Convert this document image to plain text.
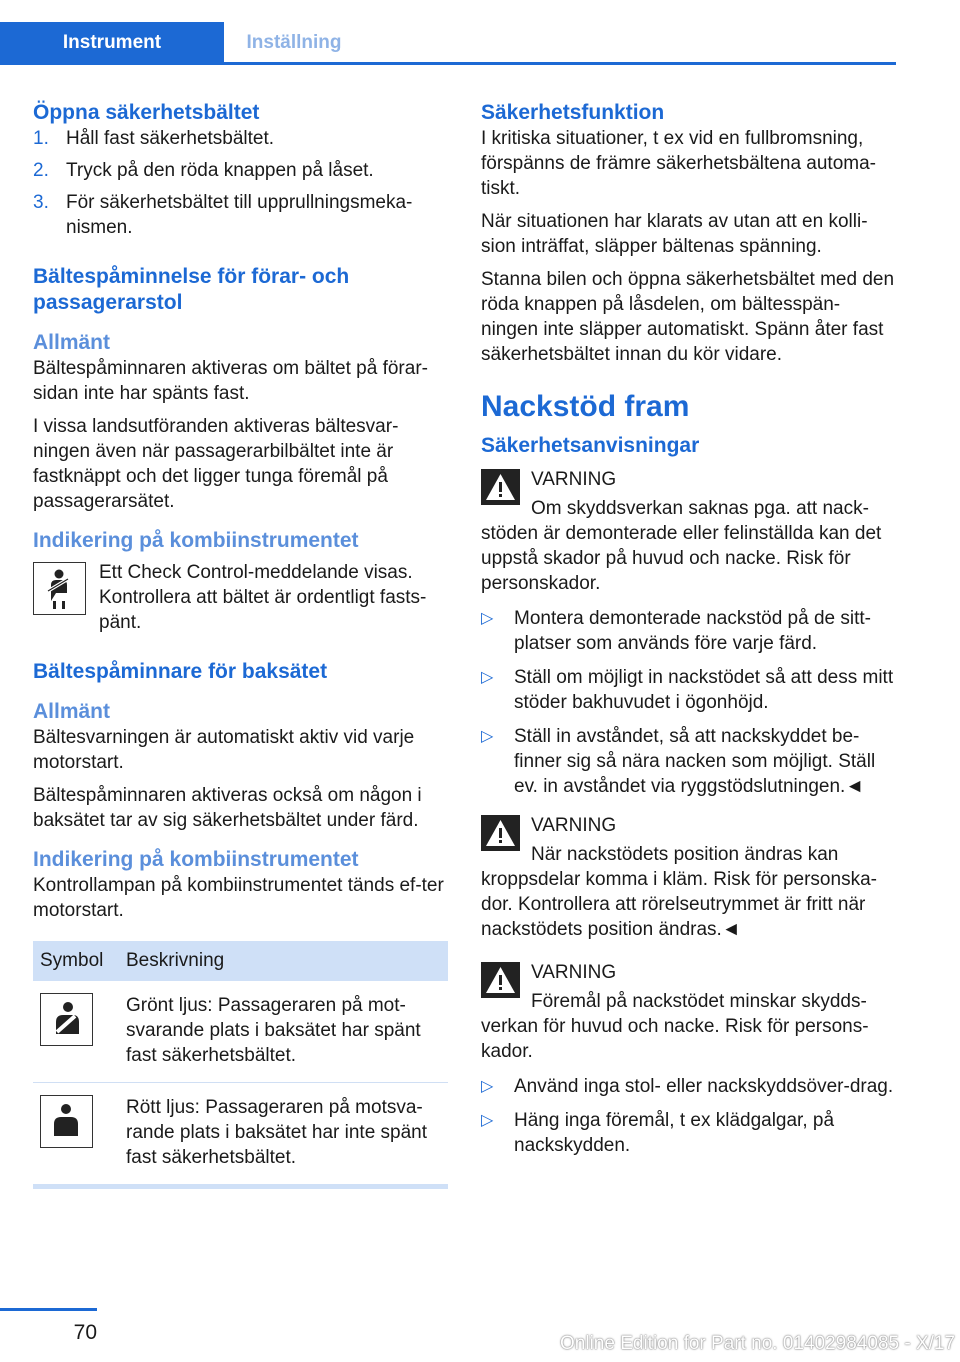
Instrument	Inställning
Öppna säkerhetsbältet
1. Håll fast säkerhetsbältet.
2. Tryck på den röda knappen på låset.
3. För säkerhetsbältet till upprullningsmeka-nismen.
Bältespåminnelse för förar- och passagerarstol
Allmänt

Bältespåminnaren aktiveras om bältet på förar-sidan inte har spänts fast.

I vissa landsutföranden aktiveras bältesvar-ningen även när passagerarbilbältet inte är fastknäppt och det ligger tunga föremål på passagerarsätet.

Indikering på kombiinstrumentet

Ett Check Control-meddelande visas. Kontrollera att bältet är ordentligt fasts-pänt.

Bältespåminnare för baksätet
Allmänt

Bältesvarningen är automatiskt aktiv vid varje motorstart.

Bältespåminnaren aktiveras också om någon i baksätet tar av sig säkerhetsbältet under färd.

Indikering på kombiinstrumentet

Kontrollampan på kombiinstrumentet tänds ef-ter motorstart.

Symbol	Beskrivning

	Grönt ljus: Passageraren på mot-svarande plats i baksätet har spänt fast säkerhetsbältet.

	Rött ljus: Passageraren på motsva-rande plats i baksätet har inte spänt fast säkerhetsbältet.
Säkerhetsfunktion

I kritiska situationer, t ex vid en fullbromsning, förspänns de främre säkerhetsbältena automa-tiskt.

När situationen har klarats av utan att en kolli-sion inträffat, släpper bältenas spänning.

Stanna bilen och öppna säkerhetsbältet med den röda knappen på låsdelen, om bältesspän-ningen inte släpper automatiskt. Spänn åter fast säkerhetsbältet innan du kör vidare.

Nackstöd fram
Säkerhetsanvisningar

VARNING

Om skyddsverkan saknas pga. att nack-stöden är demonterade eller felinställda kan det uppstå skador på huvud och nacke. Risk för personskador.

▷ Montera demonterade nackstöd på de sitt-platser som används före varje färd.
▷ Ställ om möjligt in nackstödet så att dess mitt stöder bakhuvudet i ögonhöjd.
▷ Ställ in avståndet, så att nackskyddet be-finner sig så nära nacken som möjligt. Ställ ev. in avståndet via ryggstödslutningen.◄

VARNING

När nackstödets position ändras kan kroppsdelar komma i kläm. Risk för personska-dor. Kontrollera att rörelseutrymmet är fritt när nackstödets position ändras.◄

VARNING

Föremål på nackstödet minskar skydds-verkan för huvud och nacke. Risk för persons-kador.

▷ Använd inga stol- eller nackskyddsöver-drag.
▷ Häng inga föremål, t ex klädgalgar, på nackskydden.
70	Online Edition for Part no. 01402984085 - X/17
